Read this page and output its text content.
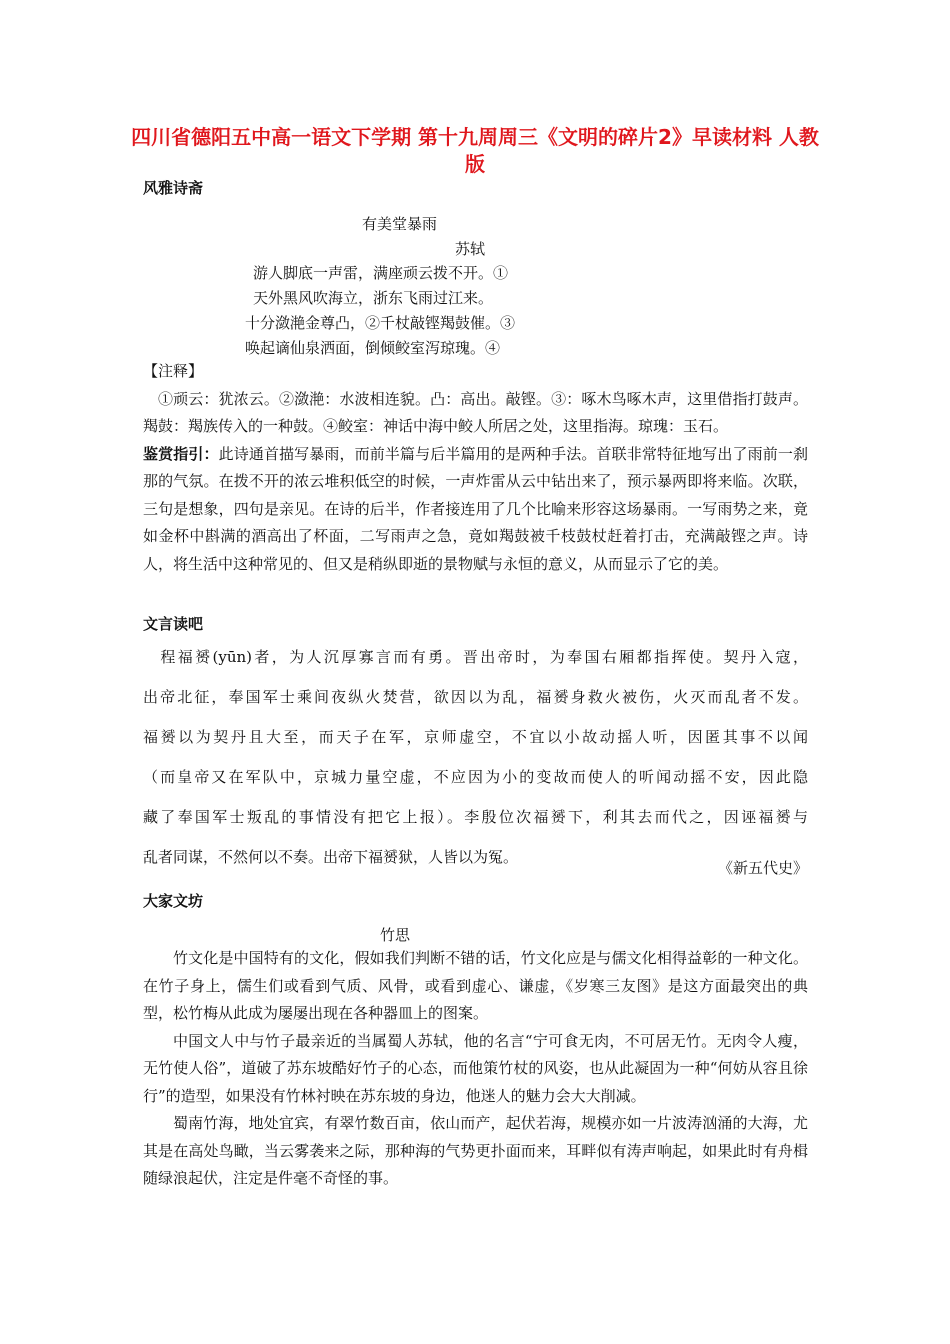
四川省德阳五中高一语文下学期 第十九周周三《文明的碎片2》早读材料 人教版
风雅诗斋
有美堂暴雨
苏轼
游人脚底一声雷，满座顽云拨不开。①
天外黑风吹海立，浙东飞雨过江来。
十分潋滟金尊凸，②千杖敲铿羯鼓催。③
唤起谪仙泉洒面，倒倾鲛室泻琼瑰。④

【注释】

①顽云：犹浓云。②潋滟：水波相连貌。凸：高出。敲铿。③：啄木鸟啄木声，这里借指打鼓声。羯鼓：羯族传入的一种鼓。④鲛室：神话中海中鲛人所居之处，这里指海。琼瑰：玉石。

鉴赏指引：此诗通首描写暴雨，而前半篇与后半篇用的是两种手法。首联非常特征地写出了雨前一刹那的气氛。在拨不开的浓云堆积低空的时候，一声炸雷从云中钻出来了，预示暴两即将来临。次联，三句是想象，四句是亲见。在诗的后半，作者接连用了几个比喻来形容这场暴雨。一写雨势之来，竟如金杯中斟满的酒高出了杯面，二写雨声之急，竟如羯鼓被千枝鼓杖赶着打击，充满敲铿之声。诗人，将生活中这种常见的、但又是稍纵即逝的景物赋与永恒的意义，从而显示了它的美。

文言读吧
　程福赟(yūn)者，为人沉厚寡言而有勇。晋出帝时，为奉国右厢都指挥使。契丹入寇，
出帝北征，奉国军士乘间夜纵火焚营，欲因以为乱，福赟身救火被伤，火灭而乱者不发。
福赟以为契丹且大至，而天子在军，京师虚空，不宜以小故动摇人听，因匿其事不以闻
（而皇帝又在军队中，京城力量空虚，不应因为小的变故而使人的听闻动摇不安，因此隐
藏了奉国军士叛乱的事情没有把它上报）。李殷位次福赟下，利其去而代之，因诬福赟与
乱者同谋，不然何以不奏。出帝下福赟狱，人皆以为冤。
《新五代史》
大家文坊
竹思

竹文化是中国特有的文化，假如我们判断不错的话，竹文化应是与儒文化相得益彰的一种文化。在竹子身上，儒生们或看到气质、风骨，或看到虚心、谦虚，《岁寒三友图》是这方面最突出的典型，松竹梅从此成为屡屡出现在各种器皿上的图案。

中国文人中与竹子最亲近的当属蜀人苏轼，他的名言“宁可食无肉，不可居无竹。无肉令人瘦，无竹使人俗”，道破了苏东坡酷好竹子的心态，而他策竹杖的风姿，也从此凝固为一种“何妨从容且徐行”的造型，如果没有竹林衬映在苏东坡的身边，他迷人的魅力会大大削减。

蜀南竹海，地处宜宾，有翠竹数百亩，依山而产，起伏若海，规模亦如一片波涛汹涌的大海，尤其是在高处鸟瞰，当云雾袭来之际，那种海的气势更扑面而来，耳畔似有涛声响起，如果此时有舟楫随绿浪起伏，注定是件毫不奇怪的事。
